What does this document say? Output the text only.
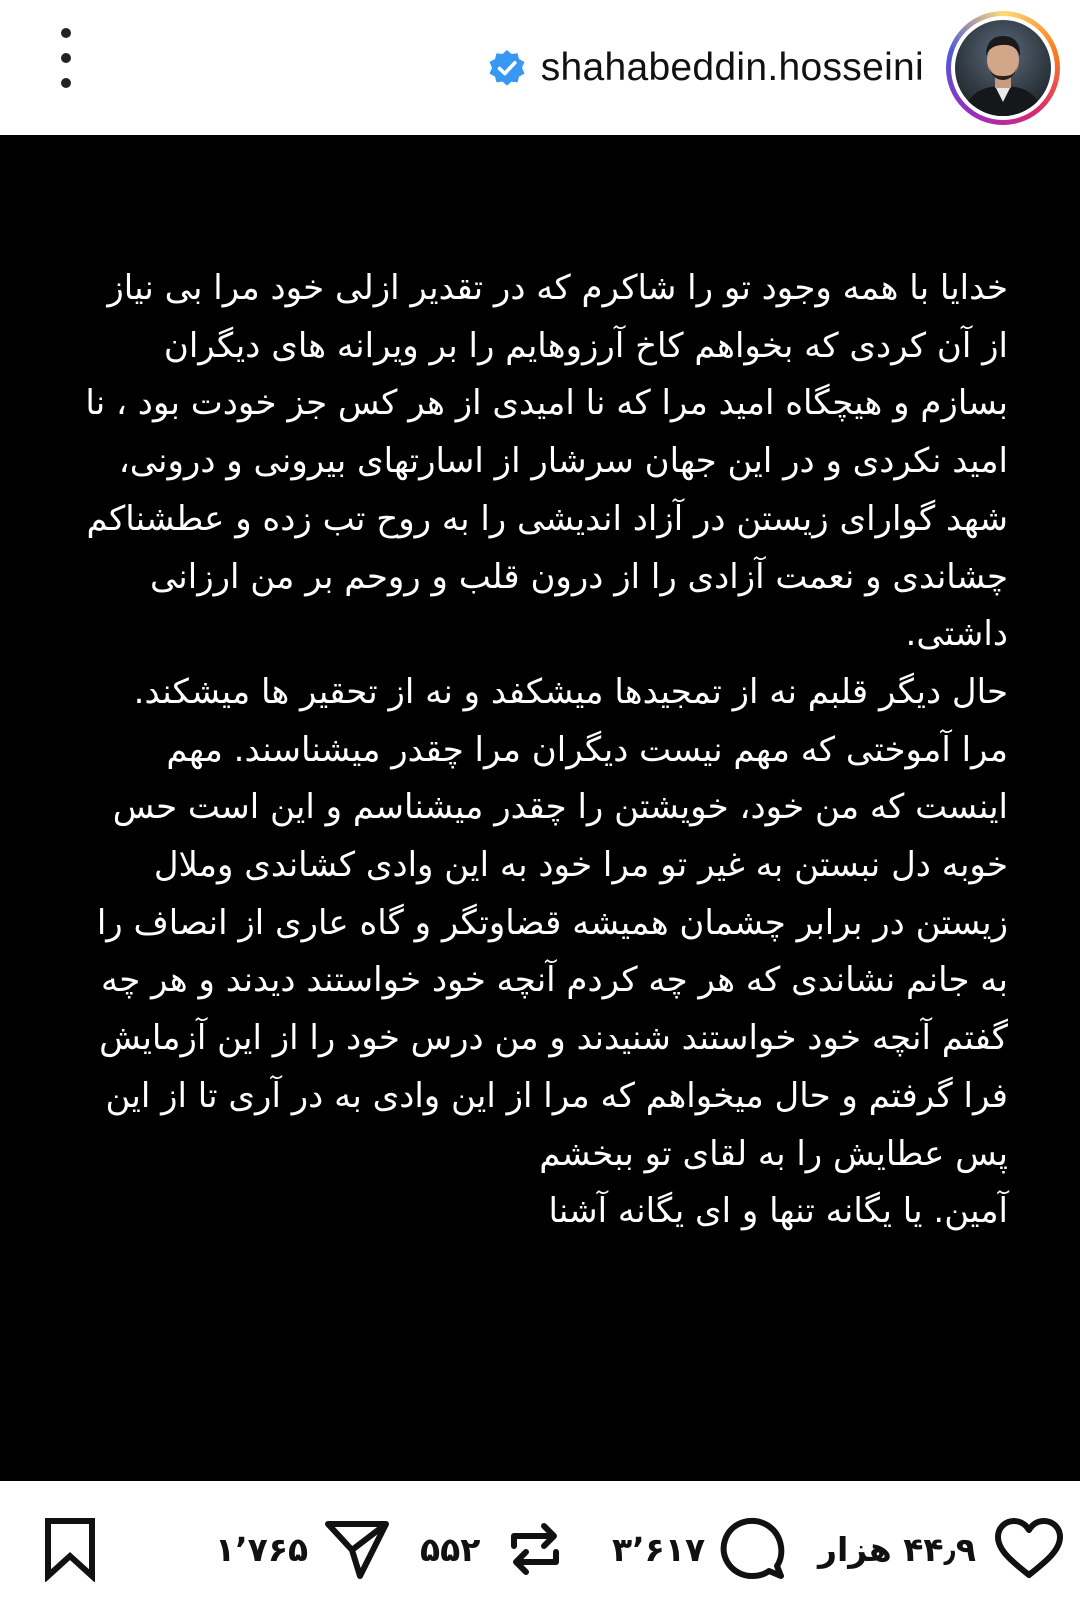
shahabeddin.hosseini

خدایا با همه وجود تو را شاکرم که در تقدیر ازلی خود مرا بی نیاز از آن کردی که بخواهم کاخ آرزوهایم را بر ویرانه های دیگران بسازم و هیچگاه امید مرا که نا امیدی از هر کس جز خودت بود ، نا امید نکردی و در این جهان سرشار از اسارتهای بیرونی و درونی، شهد گوارای زیستن در آزاد اندیشی را به روح تب زده و عطشناکم چشاندی و نعمت آزادی را از درون قلب و روحم بر من ارزانی داشتی.

حال دیگر قلبم نه از تمجیدها میشکفد و نه از تحقیر ها میشکند. مرا آموختی که مهم نیست دیگران مرا چقدر میشناسند. مهم اینست که من خود، خویشتن را چقدر میشناسم و این است حس خوبه دل نبستن به غیر تو مرا خود به این وادی کشاندی وملال زیستن در برابر چشمان همیشه قضاوتگر و گاه عاری از انصاف را به جانم نشاندی که هر چه کردم آنچه خود خواستند دیدند و هر چه گفتم آنچه خود خواستند شنیدند و من درس خود را از این آزمایش فرا گرفتم و حال میخواهم که مرا از این وادی به در آری تا از این پس عطایش را به لقای تو ببخشم

آمین. یا یگانه تنها و ای یگانه آشنا

۱٬۷۶۵	۵۵۲	۳٬۶۱۷	۴۴٫۹ هزار
